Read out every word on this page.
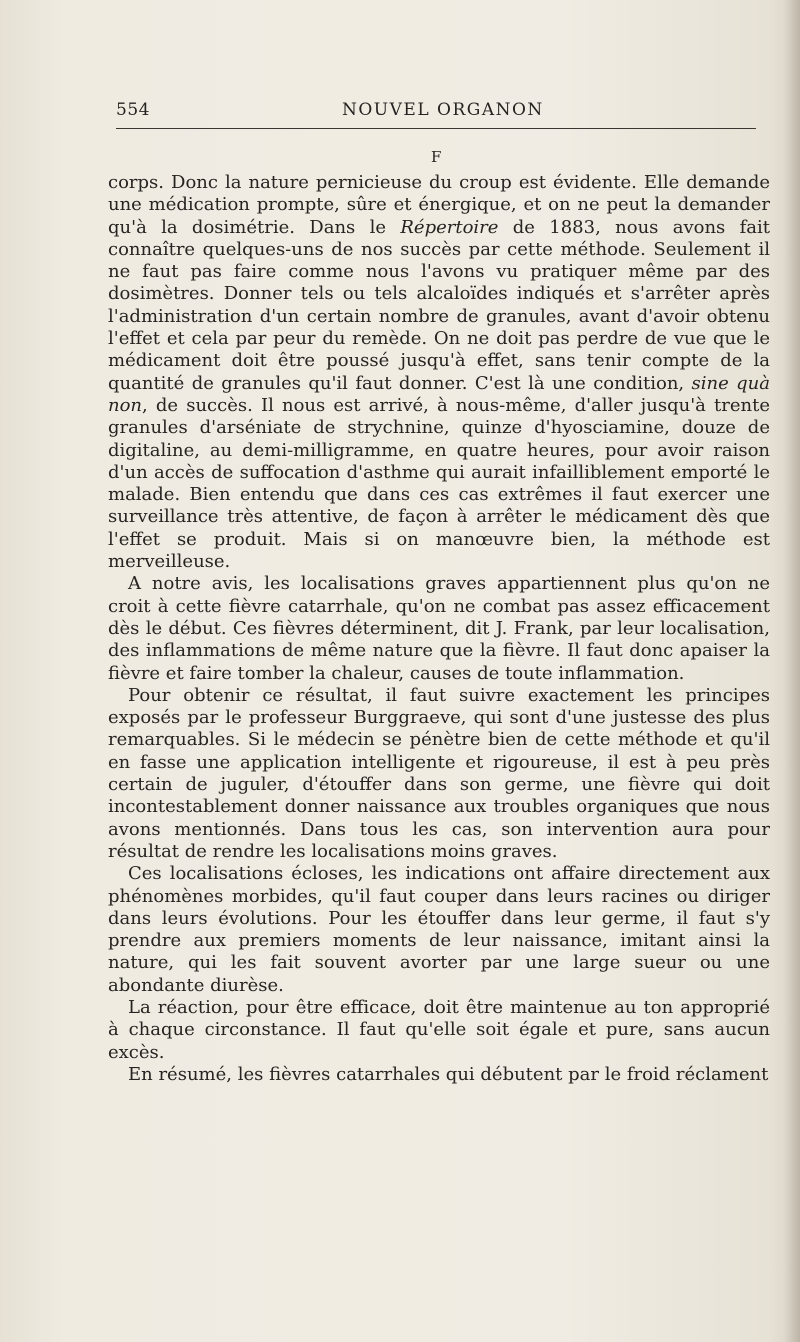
554	NOUVEL ORGANON
F

corps. Donc la nature pernicieuse du croup est évidente. Elle demande une médication prompte, sûre et énergique, et on ne peut la demander qu'à la dosimétrie. Dans le Répertoire de 1883, nous avons fait connaître quelques-uns de nos succès par cette méthode. Seulement il ne faut pas faire comme nous l'avons vu pratiquer même par des dosimètres. Donner tels ou tels alcaloïdes indiqués et s'arrêter après l'administration d'un certain nombre de granules, avant d'avoir obtenu l'effet et cela par peur du remède. On ne doit pas perdre de vue que le médicament doit être poussé jusqu'à effet, sans tenir compte de la quantité de granules qu'il faut donner. C'est là une condition, sine quà non, de succès. Il nous est arrivé, à nous-même, d'aller jusqu'à trente granules d'arséniate de strychnine, quinze d'hyosciamine, douze de digitaline, au demi-milligramme, en quatre heures, pour avoir raison d'un accès de suffocation d'asthme qui aurait infailliblement emporté le malade. Bien entendu que dans ces cas extrêmes il faut exercer une surveillance très attentive, de façon à arrêter le médicament dès que l'effet se produit. Mais si on manœuvre bien, la méthode est merveilleuse.

A notre avis, les localisations graves appartiennent plus qu'on ne croit à cette fièvre catarrhale, qu'on ne combat pas assez efficacement dès le début. Ces fièvres déterminent, dit J. Frank, par leur localisation, des inflammations de même nature que la fièvre. Il faut donc apaiser la fièvre et faire tomber la chaleur, causes de toute inflammation.

Pour obtenir ce résultat, il faut suivre exactement les principes exposés par le professeur Burggraeve, qui sont d'une justesse des plus remarquables. Si le médecin se pénètre bien de cette méthode et qu'il en fasse une application intelligente et rigoureuse, il est à peu près certain de juguler, d'étouffer dans son germe, une fièvre qui doit incontestablement donner naissance aux troubles organiques que nous avons mentionnés. Dans tous les cas, son intervention aura pour résultat de rendre les localisations moins graves.

Ces localisations écloses, les indications ont affaire directement aux phénomènes morbides, qu'il faut couper dans leurs racines ou diriger dans leurs évolutions. Pour les étouffer dans leur germe, il faut s'y prendre aux premiers moments de leur naissance, imitant ainsi la nature, qui les fait souvent avorter par une large sueur ou une abondante diurèse.

La réaction, pour être efficace, doit être maintenue au ton approprié à chaque circonstance. Il faut qu'elle soit égale et pure, sans aucun excès.

En résumé, les fièvres catarrhales qui débutent par le froid réclament
